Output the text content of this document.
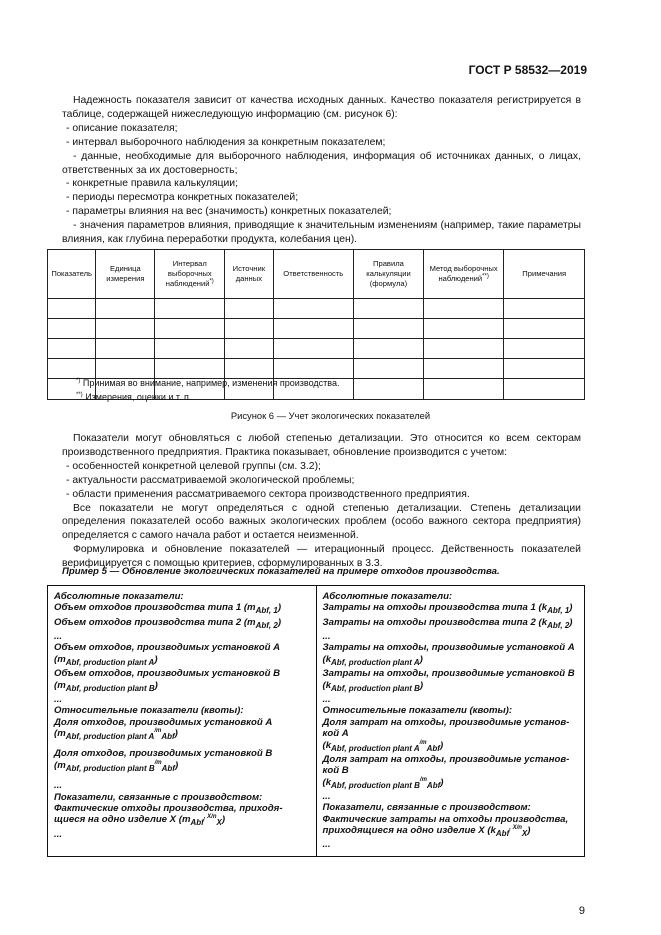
ГОСТ Р 58532—2019
Надежность показателя зависит от качества исходных данных. Качество показателя регистрируется в таблице, содержащей нижеследующую информацию (см. рисунок 6):
- описание показателя;
- интервал выборочного наблюдения за конкретным показателем;
- данные, необходимые для выборочного наблюдения, информация об источниках данных, о лицах, ответственных за их достоверность;
- конкретные правила калькуляции;
- периоды пересмотра конкретных показателей;
- параметры влияния на вес (значимость) конкретных показателей;
- значения параметров влияния, приводящие к значительным изменениям (например, такие параметры влияния, как глубина переработки продукта, колебания цен).
Показатель	Единица измерения	Интервал выборочных наблюдений*)	Источник данных	Ответственность	Правила калькуляции (формула)	Метод выборочных наблюдений**)	Примечания

*) Принимая во внимание, например, изменения производства.
**) Измерения, оценки и т. п.
Рисунок 6 — Учет экологических показателей
Показатели могут обновляться с любой степенью детализации. Это относится ко всем секторам производственного предприятия. Практика показывает, обновление производится с учетом:
- особенностей конкретной целевой группы (см. 3.2);
- актуальности рассматриваемой экологической проблемы;
- области применения рассматриваемого сектора производственного предприятия.
Все показатели не могут определяться с одной степенью детализации. Степень детализации определения показателей особо важных экологических проблем (особо важного сектора предприятия) определяется с самого начала работ и остается неизменной.
Формулировка и обновление показателей — итерационный процесс. Действенность показателей верифицируется с помощью критериев, сформулированных в 3.3.
Пример 5 — Обновление экологических показателей на примере отходов производства.
Абсолютные показатели:
Объем отходов производства типа 1 $(m_{Abf, 1})$
Объем отходов производства типа 2 $(m_{Abf, 2})$
...
Объем отходов, производимых установкой А
$(m_{Abf, production plant A})$
Объем отходов, производимых установкой В
$(m_{Abf, production plant B})$
...
Относительные показатели (квоты):
Доля отходов, производимых установкой А
$(m_{Abf, production plant A}^{/m}_{Abf})$
Доля отходов, производимых установкой В
$(m_{Abf, production plant B}^{/m}_{Abf})$
...
Показатели, связанные с производством:
Фактические отходы производства, приходящиеся на одно изделие X $(m_{Abf}^{, X/n}_X)$
...

Абсолютные показатели:
Затраты на отходы производства типа 1 $(k_{Abf, 1})$
Затраты на отходы производства типа 2 $(k_{Abf, 2})$
...
Затраты на отходы, производимые установкой А
$(k_{Abf, production plant A})$
Затраты на отходы, производимые установкой В
$(k_{Abf, production plant B})$
...
Относительные показатели (квоты):
Доля затрат на отходы, производимые установкой А
$(k_{Abf, production plant A}^{/m}_{Abf})$
Доля затрат на отходы, производимые установкой В
$(k_{Abf, production plant B}^{/m}_{Abf})$
...
Показатели, связанные с производством:
Фактические затраты на отходы производства, приходящиеся на одно изделие X $(k_{Abf}^{, X/n}_X)$
...
9
